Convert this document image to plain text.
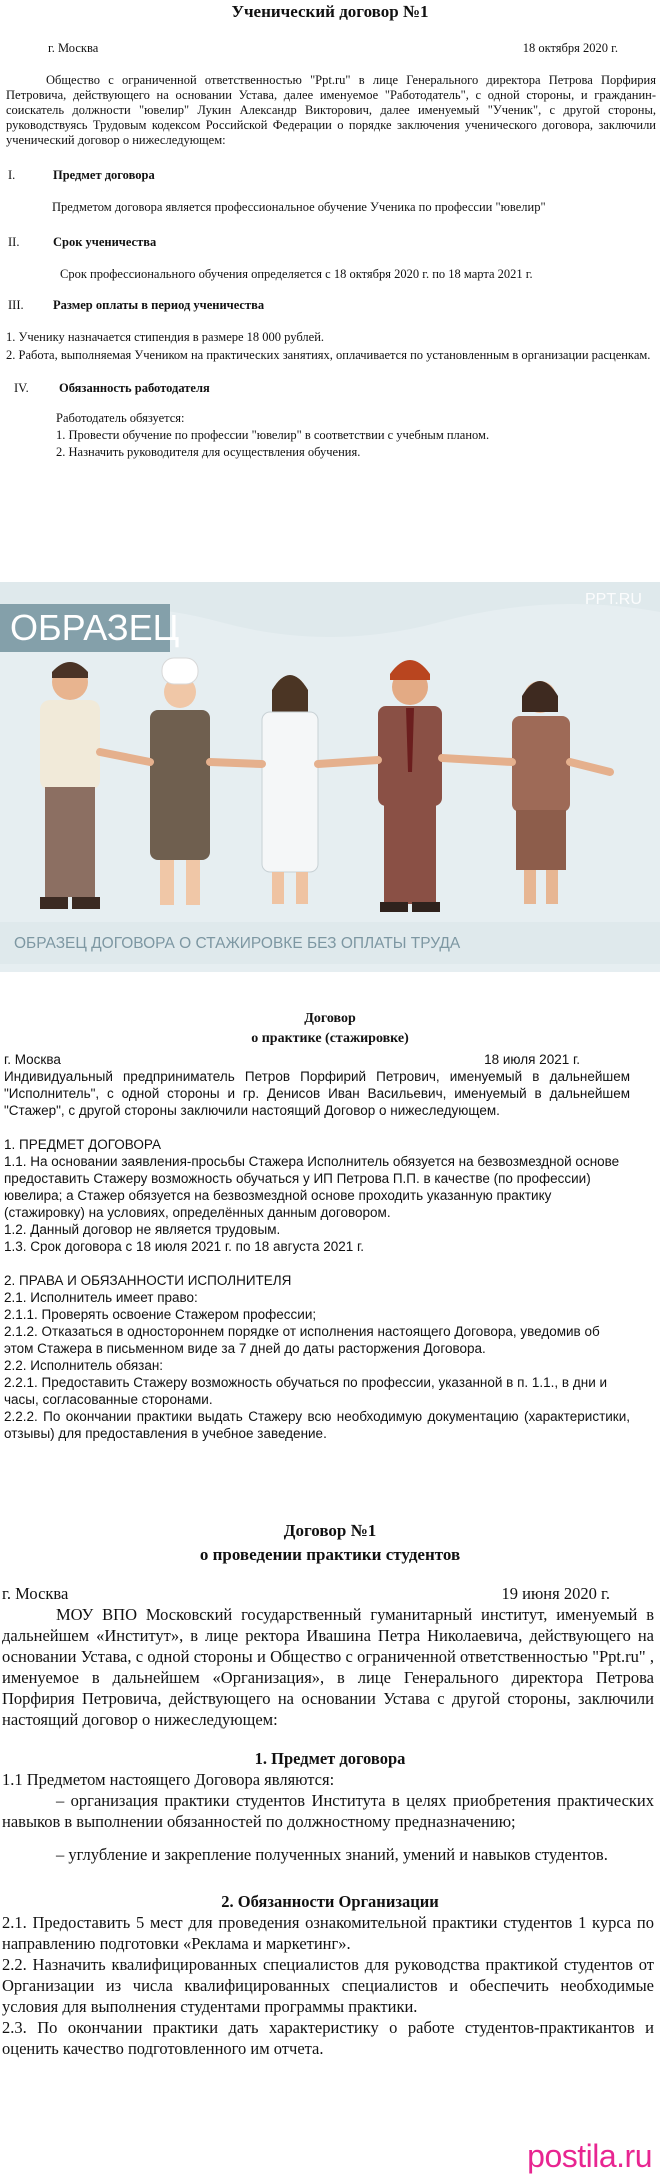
Ученический договор №1
г. Москва	18 октября 2020 г.

Общество с ограниченной ответственностью "Ppt.ru" в лице Генерального директора Петрова Порфирия Петровича, действующего на основании Устава, далее именуемое "Работодатель", с одной стороны, и гражданин-соискатель должности "ювелир" Лукин Александр Викторович, далее именуемый "Ученик", с другой стороны, руководствуясь Трудовым кодексом Российской Федерации о порядке заключения ученического договора, заключили ученический договор о нижеследующем:

I.	Предмет договора

Предметом договора является профессиональное обучение Ученика по профессии "ювелир"

II.	Срок ученичества

Срок профессионального обучения определяется с 18 октября 2020 г. по 18 марта 2021 г.

III. Размер оплаты в период ученичества

1. Ученику назначается стипендия в размере 18 000 рублей.

2. Работа, выполняемая Учеником на практических занятиях, оплачивается по установленным в организации расценкам.

IV. Обязанность работодателя

Работодатель обязуется:

1. Провести обучение по профессии "ювелир" в соответствии с учебным планом.

2. Назначить руководителя для осуществления обучения.

ОБРАЗЕЦ
PPT.RU
ОБРАЗЕЦ ДОГОВОРА О СТАЖИРОВКЕ БЕЗ ОПЛАТЫ ТРУДА
Договор
о практике (стажировке)
г. Москва	18 июля 2021 г.

Индивидуальный предприниматель Петров Порфирий Петрович, именуемый в дальнейшем "Исполнитель", с одной стороны и гр. Денисов Иван Васильевич, именуемый в дальнейшем "Стажер", с другой стороны заключили настоящий Договор о нижеследующем.

1. ПРЕДМЕТ ДОГОВОРА

1.1. На основании заявления-просьбы Стажера Исполнитель обязуется на безвозмездной основе предоставить Стажеру возможность обучаться у ИП Петрова П.П. в качестве (по профессии) ювелира; а Стажер обязуется на безвозмездной основе проходить указанную практику (стажировку) на условиях, определённых данным договором.

1.2. Данный договор не является трудовым.

1.3. Срок договора с 18 июля 2021 г. по 18 августа 2021 г.

2. ПРАВА И ОБЯЗАННОСТИ ИСПОЛНИТЕЛЯ

2.1. Исполнитель имеет право:

2.1.1. Проверять освоение Стажером профессии;

2.1.2. Отказаться в одностороннем порядке от исполнения настоящего Договора, уведомив об этом Стажера в письменном виде за 7 дней до даты расторжения Договора.

2.2. Исполнитель обязан:

2.2.1. Предоставить Стажеру возможность обучаться по профессии, указанной в п. 1.1., в дни и часы, согласованные сторонами.

2.2.2. По окончании практики выдать Стажеру всю необходимую документацию (характеристики, отзывы) для предоставления в учебное заведение.

Договор №1
о проведении практики студентов
г. Москва	19 июня 2020 г.

МОУ ВПО Московский государственный гуманитарный институт, именуемый в дальнейшем «Институт», в лице ректора Ивашина Петра Николаевича, действующего на основании Устава, с одной стороны и Общество с ограниченной ответственностью "Ppt.ru" , именуемое в дальнейшем «Организация», в лице Генерального директора Петрова Порфирия Петровича, действующего на основании Устава с другой стороны, заключили настоящий договор о нижеследующем:

1. Предмет договора

1.1 Предметом настоящего Договора являются:

– организация практики студентов Института в целях приобретения практических навыков в выполнении обязанностей по должностному предназначению;

– углубление и закрепление полученных знаний, умений и навыков студентов.

2. Обязанности Организации

2.1. Предоставить 5 мест для проведения ознакомительной практики студентов 1 курса по направлению подготовки «Реклама и маркетинг».

2.2. Назначить квалифицированных специалистов для руководства практикой студентов от Организации из числа квалифицированных специалистов и обеспечить необходимые условия для выполнения студентами программы практики.

2.3. По окончании практики дать характеристику о работе студентов-практикантов и оценить качество подготовленного им отчета.

postila.ru
